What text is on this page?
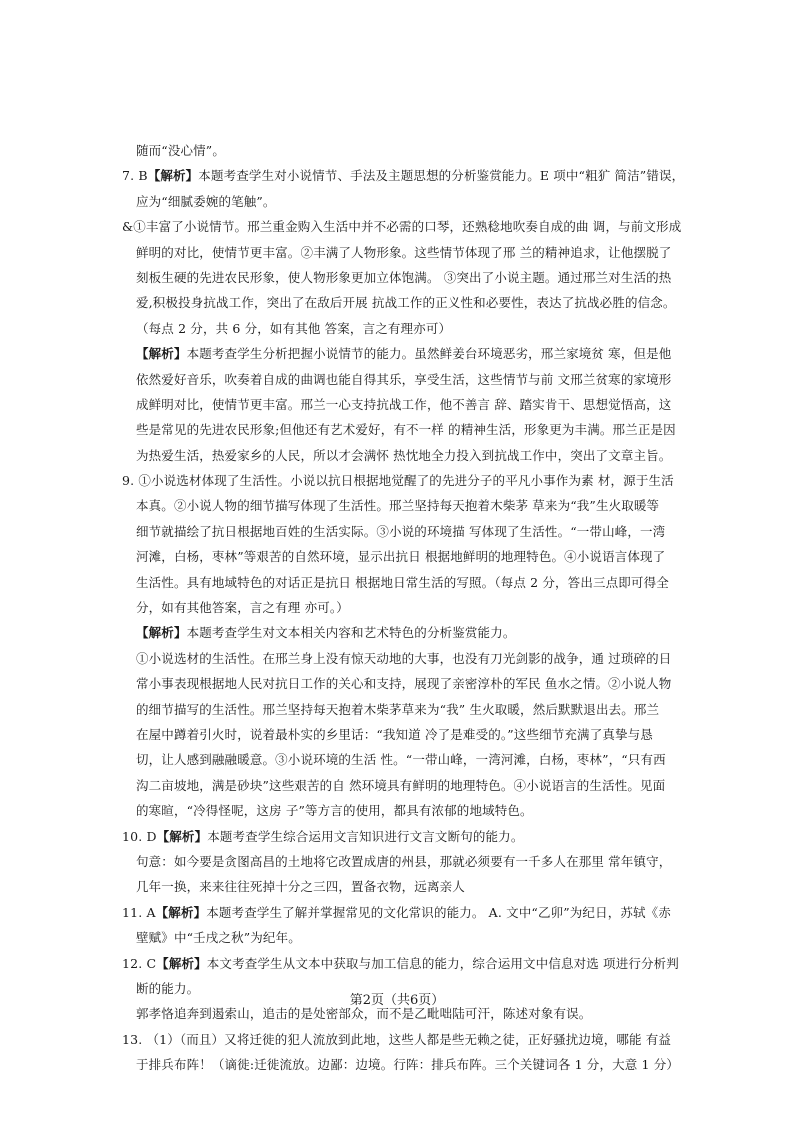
随而“没心情”。
7. B【解析】本题考查学生对小说情节、手法及主题思想的分析鉴赏能力。E 项中“粗犷 简洁”错误，
应为“细腻委婉的笔触”。
&①丰富了小说情节。邢兰重金购入生活中并不必需的口琴，还熟稔地吹奏自成的曲 调，与前文形成
鲜明的对比，使情节更丰富。②丰满了人物形象。这些情节体现了邢 兰的精神追求，让他摆脱了
刻板生硬的先进农民形象，使人物形象更加立体饱满。 ③突出了小说主题。通过邢兰对生活的热
爱,积极投身抗战工作，突出了在敌后开展 抗战工作的正义性和必要性，表达了抗战必胜的信念。
（每点 2 分，共 6 分，如有其他 答案，言之有理亦可）
【解析】本题考查学生分析把握小说情节的能力。虽然鲜姜台环境恶劣，邢兰家境贫 寒，但是他
依然爱好音乐，吹奏着自成的曲调也能自得其乐，享受生活，这些情节与前 文邢兰贫寒的家境形
成鲜明对比，使情节更丰富。邢兰一心支持抗战工作，他不善言 辞、踏实肯干、思想觉悟高，这
些是常见的先进农民形象;但他还有艺术爱好，有不一样 的精神生活，形象更为丰满。邢兰正是因
为热爱生活，热爱家乡的人民，所以才会满怀 热忱地全力投入到抗战工作中，突出了文章主旨。
9. ①小说选材体现了生活性。小说以抗日根据地觉醒了的先进分子的平凡小事作为素 材，源于生活
本真。②小说人物的细节描写体现了生活性。邢兰坚持每天抱着木柴茅 草来为“我”生火取暖等
细节就描绘了抗日根据地百姓的生活实际。③小说的环境描 写体现了生活性。“一带山峰，一湾
河滩，白杨，枣林”等艰苦的自然环境，显示出抗日 根据地鲜明的地理特色。④小说语言体现了
生活性。具有地域特色的对话正是抗日 根据地日常生活的写照。（每点 2 分，答出三点即可得全
分，如有其他答案，言之有理 亦可。）
【解析】本题考查学生对文本相关内容和艺术特色的分析鉴赏能力。
①小说选材的生活性。在邢兰身上没有惊天动地的大事，也没有刀光剑影的战争，通 过琐碎的日
常小事表现根据地人民对抗日工作的关心和支持，展现了亲密淳朴的军民 鱼水之情。②小说人物
的细节描写的生活性。邢兰坚持每天抱着木柴茅草来为“我” 生火取暖，然后默默退出去。邢兰
在屋中蹲着引火时，说着最朴实的乡里话：“我知道 冷了是难受的。”这些细节充满了真挚与恳
切，让人感到融融暖意。③小说环境的生活 性。“一带山峰，一湾河滩，白杨，枣林”，“只有西
沟二亩坡地，满是砂块”这些艰苦的自 然环境具有鲜明的地理特色。④小说语言的生活性。见面
的寒暄，“冷得怪呢，这房 子”等方言的使用，都具有浓郁的地域特色。
10. D【解析】本题考查学生综合运用文言知识进行文言文断句的能力。
句意：如今要是贪图高昌的土地将它改置成唐的州县，那就必须要有一千多人在那里 常年镇守，
几年一换，来来往往死掉十分之三四，置备衣物，远离亲人
11. A【解析】本题考查学生了解并掌握常见的文化常识的能力。 A. 文中“乙卯”为纪日，苏轼《赤
壁赋》中“壬戌之秋”为纪年。
12. C【解析】本文考查学生从文本中获取与加工信息的能力，综合运用文中信息对选 项进行分析判
断的能力。
郭孝恪追奔到遏索山，追击的是处密部众，而不是乙毗咄陆可汗，陈述对象有误。
13. （1）（而且）又将迁徙的犯人流放到此地，这些人都是些无赖之徒，正好骚扰边境，哪能 有益
于排兵布阵！（谪徙:迁徙流放。边鄙：边境。行阵：排兵布阵。三个关键词各 1 分，大意 1 分）
第2页（共6页）
